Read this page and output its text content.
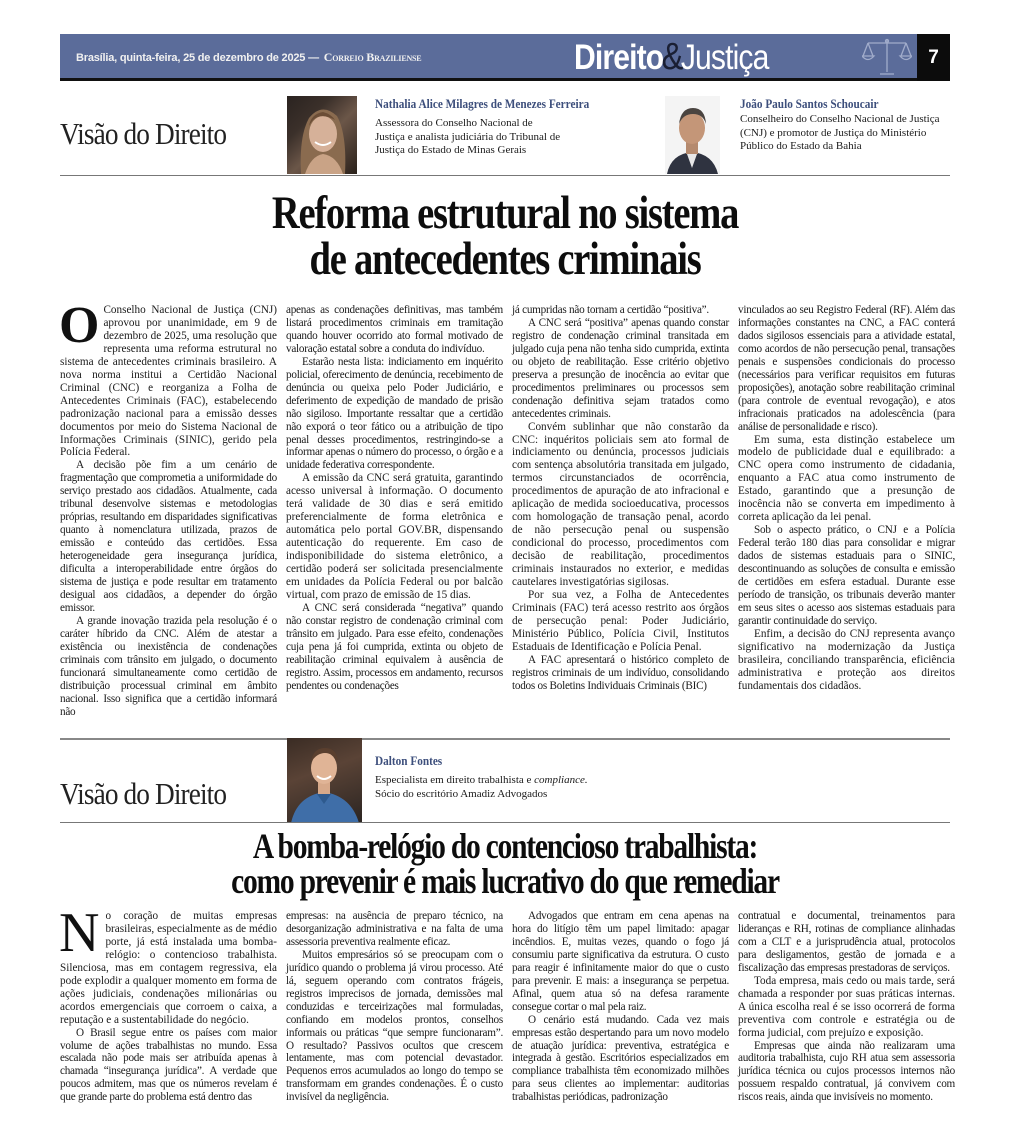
Brasília, quinta-feira, 25 de dezembro de 2025 — Correio Braziliense	Direito&Justiça	7
Visão do Direito
Nathalia Alice Milagres de Menezes Ferreira
Assessora do Conselho Nacional de
Justiça e analista judiciária do Tribunal de
Justiça do Estado de Minas Gerais
João Paulo Santos Schoucair
Conselheiro do Conselho Nacional de Justiça
(CNJ) e promotor de Justiça do Ministério
Público do Estado da Bahia
Reforma estrutural no sistema
de antecedentes criminais

O Conselho Nacional de Justiça (CNJ) aprovou por unanimidade, em 9 de dezembro de 2025, uma resolução que representa uma reforma estrutural no sistema de antecedentes criminais brasileiro. A nova norma institui a Certidão Nacional Criminal (CNC) e reorganiza a Folha de Antecedentes Criminais (FAC), estabelecendo padronização nacional para a emissão desses documentos por meio do Sistema Nacional de Informações Criminais (SINIC), gerido pela Polícia Federal.

A decisão põe fim a um cenário de fragmentação que comprometia a uniformidade do serviço prestado aos cidadãos. Atualmente, cada tribunal desenvolve sistemas e metodologias próprias, resultando em disparidades significativas quanto à nomenclatura utilizada, prazos de emissão e conteúdo das certidões. Essa heterogeneidade gera insegurança jurídica, dificulta a interoperabilidade entre órgãos do sistema de justiça e pode resultar em tratamento desigual aos cidadãos, a depender do órgão emissor.

A grande inovação trazida pela resolução é o caráter híbrido da CNC. Além de atestar a existência ou inexistência de condenações criminais com trânsito em julgado, o documento funcionará simultaneamente como certidão de distribuição processual criminal em âmbito nacional. Isso significa que a certidão informará não

apenas as condenações definitivas, mas também listará procedimentos criminais em tramitação quando houver ocorrido ato formal motivado de valoração estatal sobre a conduta do indivíduo.

Estarão nesta lista: indiciamento em inquérito policial, oferecimento de denúncia, recebimento de denúncia ou queixa pelo Poder Judiciário, e deferimento de expedição de mandado de prisão não sigiloso. Importante ressaltar que a certidão não exporá o teor fático ou a atribuição de tipo penal desses procedimentos, restringindo-se a informar apenas o número do processo, o órgão e a unidade federativa correspondente.

A emissão da CNC será gratuita, garantindo acesso universal à informação. O documento terá validade de 30 dias e será emitido preferencialmente de forma eletrônica e automática pelo portal GOV.BR, dispensando autenticação do requerente. Em caso de indisponibilidade do sistema eletrônico, a certidão poderá ser solicitada presencialmente em unidades da Polícia Federal ou por balcão virtual, com prazo de emissão de 15 dias.

A CNC será considerada “negativa” quando não constar registro de condenação criminal com trânsito em julgado. Para esse efeito, condenações cuja pena já foi cumprida, extinta ou objeto de reabilitação criminal equivalem à ausência de registro. Assim, processos em andamento, recursos pendentes ou condenações

já cumpridas não tornam a certidão “positiva”.

A CNC será “positiva” apenas quando constar registro de condenação criminal transitada em julgado cuja pena não tenha sido cumprida, extinta ou objeto de reabilitação. Esse critério objetivo preserva a presunção de inocência ao evitar que procedimentos preliminares ou processos sem condenação definitiva sejam tratados como antecedentes criminais.

Convém sublinhar que não constarão da CNC: inquéritos policiais sem ato formal de indiciamento ou denúncia, processos judiciais com sentença absolutória transitada em julgado, termos circunstanciados de ocorrência, procedimentos de apuração de ato infracional e aplicação de medida socioeducativa, processos com homologação de transação penal, acordo de não persecução penal ou suspensão condicional do processo, procedimentos com decisão de reabilitação, procedimentos criminais instaurados no exterior, e medidas cautelares investigatórias sigilosas.

Por sua vez, a Folha de Antecedentes Criminais (FAC) terá acesso restrito aos órgãos de persecução penal: Poder Judiciário, Ministério Público, Polícia Civil, Institutos Estaduais de Identificação e Polícia Penal.

A FAC apresentará o histórico completo de registros criminais de um indivíduo, consolidando todos os Boletins Individuais Criminais (BIC)

vinculados ao seu Registro Federal (RF). Além das informações constantes na CNC, a FAC conterá dados sigilosos essenciais para a atividade estatal, como acordos de não persecução penal, transações penais e suspensões condicionais do processo (necessários para verificar requisitos em futuras proposições), anotação sobre reabilitação criminal (para controle de eventual revogação), e atos infracionais praticados na adolescência (para análise de personalidade e risco).

Em suma, esta distinção estabelece um modelo de publicidade dual e equilibrado: a CNC opera como instrumento de cidadania, enquanto a FAC atua como instrumento de Estado, garantindo que a presunção de inocência não se converta em impedimento à correta aplicação da lei penal.

Sob o aspecto prático, o CNJ e a Polícia Federal terão 180 dias para consolidar e migrar dados de sistemas estaduais para o SINIC, descontinuando as soluções de consulta e emissão de certidões em esfera estadual. Durante esse período de transição, os tribunais deverão manter em seus sites o acesso aos sistemas estaduais para garantir continuidade do serviço.

Enfim, a decisão do CNJ representa avanço significativo na modernização da Justiça brasileira, conciliando transparência, eficiência administrativa e proteção aos direitos fundamentais dos cidadãos.

Visão do Direito
Dalton Fontes
Especialista em direito trabalhista e compliance.
Sócio do escritório Amadiz Advogados
A bomba-relógio do contencioso trabalhista:
como prevenir é mais lucrativo do que remediar

No coração de muitas empresas brasileiras, especialmente as de médio porte, já está instalada uma bomba-relógio: o contencioso trabalhista. Silenciosa, mas em contagem regressiva, ela pode explodir a qualquer momento em forma de ações judiciais, condenações milionárias ou acordos emergenciais que corroem o caixa, a reputação e a sustentabilidade do negócio.

O Brasil segue entre os países com maior volume de ações trabalhistas no mundo. Essa escalada não pode mais ser atribuída apenas à chamada “insegurança jurídica”. A verdade que poucos admitem, mas que os números revelam é que grande parte do problema está dentro das

empresas: na ausência de preparo técnico, na desorganização administrativa e na falta de uma assessoria preventiva realmente eficaz.

Muitos empresários só se preocupam com o jurídico quando o problema já virou processo. Até lá, seguem operando com contratos frágeis, registros imprecisos de jornada, demissões mal conduzidas e terceirizações mal formuladas, confiando em modelos prontos, conselhos informais ou práticas “que sempre funcionaram”. O resultado? Passivos ocultos que crescem lentamente, mas com potencial devastador. Pequenos erros acumulados ao longo do tempo se transformam em grandes condenações. É o custo invisível da negligência.

Advogados que entram em cena apenas na hora do litígio têm um papel limitado: apagar incêndios. E, muitas vezes, quando o fogo já consumiu parte significativa da estrutura. O custo para reagir é infinitamente maior do que o custo para prevenir. E mais: a insegurança se perpetua. Afinal, quem atua só na defesa raramente consegue cortar o mal pela raiz.

O cenário está mudando. Cada vez mais empresas estão despertando para um novo modelo de atuação jurídica: preventiva, estratégica e integrada à gestão. Escritórios especializados em compliance trabalhista têm economizado milhões para seus clientes ao implementar: auditorias trabalhistas periódicas, padronização

contratual e documental, treinamentos para lideranças e RH, rotinas de compliance alinhadas com a CLT e a jurisprudência atual, protocolos para desligamentos, gestão de jornada e a fiscalização das empresas prestadoras de serviços.

Toda empresa, mais cedo ou mais tarde, será chamada a responder por suas práticas internas. A única escolha real é se isso ocorrerá de forma preventiva com controle e estratégia ou de forma judicial, com prejuízo e exposição.

Empresas que ainda não realizaram uma auditoria trabalhista, cujo RH atua sem assessoria jurídica técnica ou cujos processos internos não possuem respaldo contratual, já convivem com riscos reais, ainda que invisíveis no momento.
